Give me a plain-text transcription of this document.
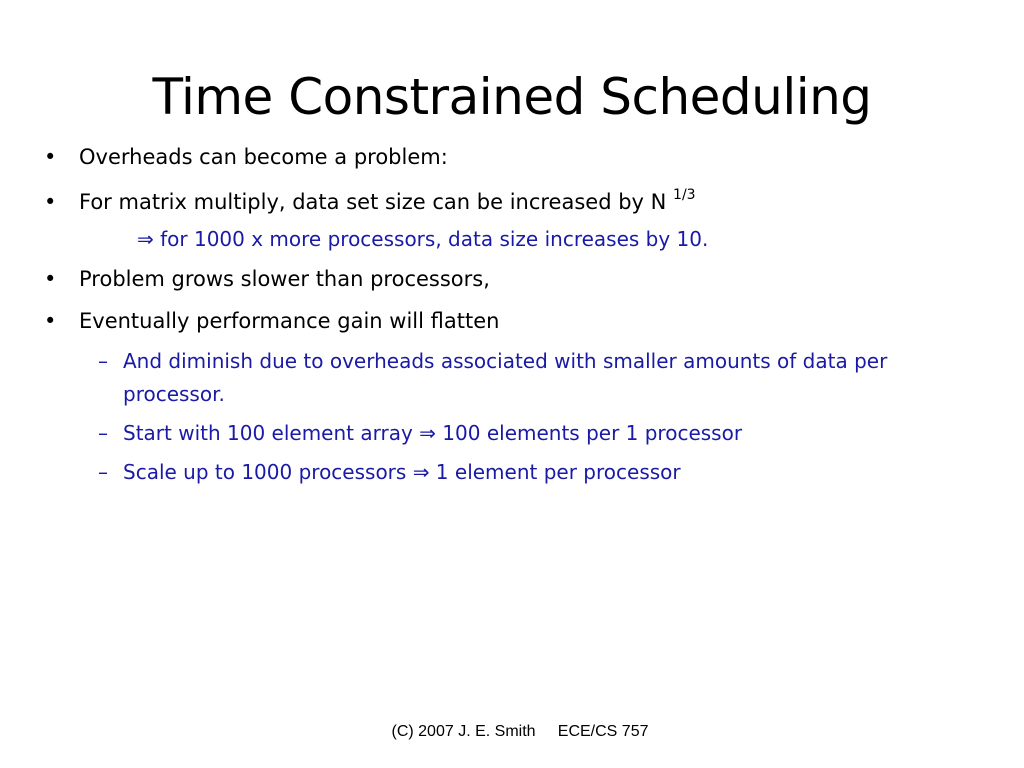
Time Constrained Scheduling
• Overheads can become a problem:
• For matrix multiply, data set size can be increased by N $^{1/3}$
⇒ for 1000 x more processors, data size increases by 10.
• Problem grows slower than processors,
• Eventually performance gain will flatten
– And diminish due to overheads associated with smaller amounts of data per processor.
– Start with 100 element array ⇒ 100 elements per 1 processor
– Scale up to 1000 processors ⇒ 1 element per processor
(C) 2007 J. E. Smith ECE/CS 757
